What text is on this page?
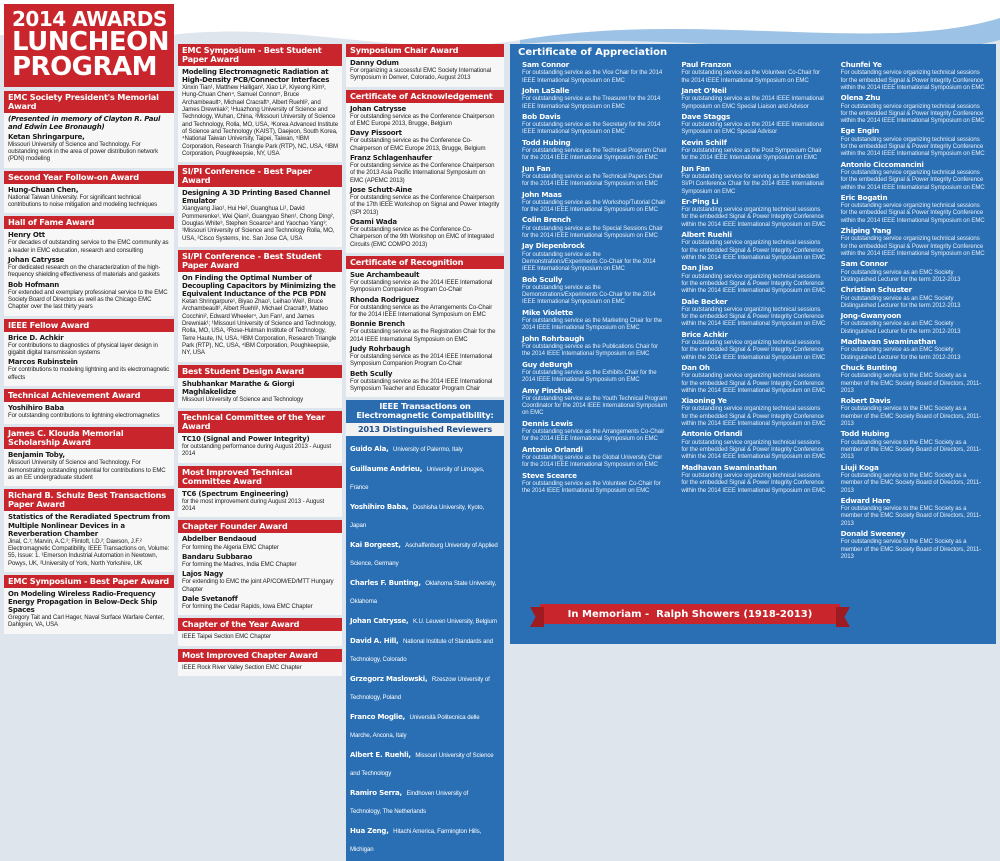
2014 AWARDS
LUNCHEON
PROGRAM
EMC Society President's Memorial Award
(Presented in memory of Clayton R. Paul and Edwin Lee Bronaugh)
Ketan Shringarpure,
Missouri University of Science and Technology. For outstanding work in the area of power distribution network (PDN) modeling
Second Year Follow-on Award
Hung-Chuan Chen,
National Taiwan University. For significant technical contributions to noise mitigation and modeling techniques
Hall of Fame Award
Henry Ott
For decades of outstanding service to the EMC community as a leader in EMC education, research and consulting
Johan Catrysse
For dedicated research on the characterization of the high-frequency shielding effectiveness of materials and gaskets
Bob Hofmann
For extended and exemplary professional service to the EMC Society Board of Directors as well as the Chicago EMC Chapter over the last thirty years
IEEE Fellow Award
Brice D. Achkir
For contributions to diagnostics of physical layer design in gigabit digital transmission systems
Marcos Rubinstein
For contributions to modeling lightning and its electromagnetic effects
Technical Achievement Award
Yoshihiro Baba
For outstanding contributions to lightning electromagnetics
James C. Klouda Memorial Scholarship Award
Benjamin Toby,
Missouri University of Science and Technology. For demonstrating outstanding potential for contributions to EMC as an EE undergraduate student
Richard B. Schulz Best Transactions Paper Award
Statistics of the Reradiated Spectrum from Multiple Nonlinear Devices in a Reverberation Chamber
Jinal, C.¹; Marvin, A.C.²; Flintoft, I.D.²; Dawson, J.F.² Electromagnetic Compatibility, IEEE Transactions on, Volume: 55, Issue: 1. ¹Emerson Industrial Automation in Newtown, Powys, UK, ²University of York, North Yorkshire, UK
EMC Symposium - Best Paper Award
On Modeling Wireless Radio-Frequency Energy Propagation in Below-Deck Ship Spaces
Gregory Tait and Carl Hager, Naval Surface Warfare Center, Dahlgren, VA, USA
EMC Symposium - Best Student Paper Award
Modeling Electromagnetic Radiation at High-Density PCB/Connector Interfaces
Xinxin Tian¹, Matthew Halligan², Xiao Li², Kiyeong Kim³, Hung-Chuan Chen⁴, Samuel Connor⁵, Bruce Archambeault⁵, Michael Cracraft⁵, Albert Ruehli², and James Drewniak²; ¹Huazhong University of Science and Technology, Wuhan, China, ²Missouri University of Science and Technology, Rolla, MO, USA, ³Korea Advanced Institute of Science and Technology (KAIST), Daejeon, South Korea, ⁴National Taiwan University, Taipei, Taiwan, ⁵IBM Corporation, Research Triangle Park (RTP), NC, USA, ⁶IBM Corporation, Poughkeepsie, NY, USA
SI/PI Conference - Best Paper Award
Designing A 3D Printing Based Channel Emulator
Xiangyang Jiao¹, Hui He², Guanghua Li¹, David Pommerenke¹, Wei Qian², Guangyao Shen¹, Chong Ding², Douglas White³, Stephen Scearce³ and Yaochao Yang³; ¹Missouri University of Science and Technology Rolla, MO, USA, ²Cisco Systems, Inc. San Jose CA, USA
SI/PI Conference - Best Student Paper Award
On Finding the Optimal Number of Decoupling Capacitors by Minimizing the Equivalent Inductance of the PCB PDN
Ketan Shringarpure¹, Biyao Zhao¹, Leihao Wei¹, Bruce Archambeault², Albert Ruehli¹, Michael Cracraft³, Matteo Cocchini², Edward Wheeler⁴, Jun Fan¹, and James Drewniak¹; ¹Missouri University of Science and Technology, Rolla, MO, USA, ²Rose-Hulman Institute of Technology, Terre Haute, IN, USA, ³IBM Corporation, Research Triangle Park (RTP), NC, USA, ⁴IBM Corporation, Poughkeepsie, NY, USA
Best Student Design Award
Shubhankar Marathe & Giorgi Maghlakelidze
Missouri University of Science and Technology
Technical Committee of the Year Award
TC10 (Signal and Power Integrity)
for outstanding performance during August 2013 - August 2014
Most Improved Technical Committee Award
TC6 (Spectrum Engineering)
for the most improvement during August 2013 - August 2014
Chapter Founder Award
Abdelber Bendaoud
For forming the Algeria EMC Chapter
Bandaru Subbarao
For forming the Madres, India EMC Chapter
Lajos Nagy
For extending to EMC the joint AP/COM/ED/MTT Hungary Chapter
Dale Svetanoff
For forming the Cedar Rapids, Iowa EMC Chapter
Chapter of the Year Award
IEEE Taipei Section EMC Chapter
Most Improved Chapter Award
IEEE Rock River Valley Section EMC Chapter
Symposium Chair Award
Danny Odum
For organizing a successful EMC Society International Symposium in Denver, Colorado, August 2013
Certificate of Acknowledgement
Johan Catrysse
For outstanding service as the Conference Chairperson of EMC Europe 2013, Brugge, Belgium
Davy Pissoort
For outstanding service as the Conference Co-Chairperson of EMC Europe 2013, Brugge, Belgium
Franz Schlagenhaufer
For outstanding service as the Conference Chairperson of the 2013 Asia Pacific International Symposium on EMC (APEMC 2013)
Jose Schutt-Aine
For outstanding service as the Conference Chairperson of the 17th IEEE Workshop on Signal and Power Integrity (SPI 2013)
Osami Wada
For outstanding service as the Conference Co-Chairperson of the 9th Workshop on EMC of Integrated Circuits (EMC COMPO 2013)
Certificate of Recognition
Sue Archambeault
For outstanding service as the 2014 IEEE International Symposium Companion Program Co-Chair
Rhonda Rodriguez
For outstanding service as the Arrangements Co-Chair for the 2014 IEEE International Symposium on EMC
Bonnie Brench
For outstanding service as the Registration Chair for the 2014 IEEE International Symposium on EMC
Judy Rohrbaugh
For outstanding service as the 2014 IEEE International Symposium Companion Program Co-Chair
Beth Scully
For outstanding service as the 2014 IEEE International Symposium Teacher and Educator Program Chair
IEEE Transactions on Electromagnetic Compatibility:
2013 Distinguished Reviewers
Guido Ala, University of Palermo, Italy
Guillaume Andrieu, University of Limoges, France
Yoshihiro Baba, Doshisha University, Kyoto, Japan
Kai Borgeest, Aschaffenburg University of Applied Science, Germany
Charles F. Bunting, Oklahoma State University, Oklahoma
Johan Catrysse, K.U. Leuven University, Belgium
David A. Hill, National Institute of Standards and Technology, Colorado
Grzegorz Maslowski, Rzeszow University of Technology, Poland
Franco Moglie, Università Politecnica delle Marche, Ancona, Italy
Albert E. Ruehli, Missouri University of Science and Technology
Ramiro Serra, Eindhoven University of Technology, The Netherlands
Hua Zeng, Hitachi America, Farmington Hills, Michigan
Certificate of Appreciation
Sam Connor
For outstanding service as the Vice Chair for the 2014 IEEE International Symposium on EMC
John LaSalle
For outstanding service as the Treasurer for the 2014 IEEE International Symposium on EMC
Bob Davis
For outstanding service as the Secretary for the 2014 IEEE International Symposium on EMC
Todd Hubing
For outstanding service as the Technical Program Chair for the 2014 IEEE International Symposium on EMC
Jun Fan
For outstanding service as the Technical Papers Chair for the 2014 IEEE International Symposium on EMC
John Maas
For outstanding service as the Workshop/Tutorial Chair for the 2014 IEEE International Symposium on EMC
Colin Brench
For outstanding service as the Special Sessions Chair for the 2014 IEEE International Symposium on EMC
Jay Diepenbrock
For outstanding service as the Demonstrations/Experiments Co-Chair for the 2014 IEEE International Symposium on EMC
Bob Scully
For outstanding service as the Demonstrations/Experiments Co-Chair for the 2014 IEEE International Symposium on EMC
Mike Violette
For outstanding service as the Marketing Chair for the 2014 IEEE International Symposium on EMC
John Rohrbaugh
For outstanding service as the Publications Chair for the 2014 IEEE International Symposium on EMC
Guy deBurgh
For outstanding service as the Exhibits Chair for the 2014 IEEE International Symposium on EMC
Amy Pinchuk
For outstanding service as the Youth Technical Program Coordinator for the 2014 IEEE International Symposium on EMC
Dennis Lewis
For outstanding service as the Arrangements Co-Chair for the 2014 IEEE International Symposium on EMC
Antonio Orlandi
For outstanding service as the Global University Chair for the 2014 IEEE International Symposium on EMC
Steve Scearce
For outstanding service as the Volunteer Co-Chair for the 2014 IEEE International Symposium on EMC
Paul Franzon
For outstanding service as the Volunteer Co-Chair for the 2014 IEEE International Symposium on EMC
Janet O'Neil
For outstanding service as the 2014 IEEE International Symposium on EMC Special Liaison and Advisor
Dave Staggs
For outstanding service as the 2014 IEEE International Symposium on EMC Special Advisor
Kevin Schilf
For outstanding service as the Post Symposium Chair for the 2014 IEEE International Symposium on EMC
Jun Fan
For outstanding service for serving as the embedded SI/PI Conference Chair for the 2014 IEEE International Symposium on EMC
Er-Ping Li
For outstanding service organizing technical sessions for the embedded Signal & Power Integrity Conference within the 2014 IEEE International Symposium on EMC
Albert Ruehli
For outstanding service organizing technical sessions for the embedded Signal & Power Integrity Conference within the 2014 IEEE International Symposium on EMC
Dan Jiao
For outstanding service organizing technical sessions for the embedded Signal & Power Integrity Conference within the 2014 IEEE International Symposium on EMC
Dale Becker
For outstanding service organizing technical sessions for the embedded Signal & Power Integrity Conference within the 2014 IEEE International Symposium on EMC
Brice Achkir
For outstanding service organizing technical sessions for the embedded Signal & Power Integrity Conference within the 2014 IEEE International Symposium on EMC
Dan Oh
For outstanding service organizing technical sessions for the embedded Signal & Power Integrity Conference within the 2014 IEEE International Symposium on EMC
Xiaoning Ye
For outstanding service organizing technical sessions for the embedded Signal & Power Integrity Conference within the 2014 IEEE International Symposium on EMC
Antonio Orlandi
For outstanding service organizing technical sessions for the embedded Signal & Power Integrity Conference within the 2014 IEEE International Symposium on EMC
Madhavan Swaminathan
For outstanding service organizing technical sessions for the embedded Signal & Power Integrity Conference within the 2014 IEEE International Symposium on EMC
Chunfei Ye
For outstanding service organizing technical sessions for the embedded Signal & Power Integrity Conference within the 2014 IEEE International Symposium on EMC
Olena Zhu
For outstanding service organizing technical sessions for the embedded Signal & Power Integrity Conference within the 2014 IEEE International Symposium on EMC
Ege Engin
For outstanding service organizing technical sessions for the embedded Signal & Power Integrity Conference within the 2014 IEEE International Symposium on EMC
Antonio Ciccomancini
For outstanding service organizing technical sessions for the embedded Signal & Power Integrity Conference within the 2014 IEEE International Symposium on EMC
Eric Bogatin
For outstanding service organizing technical sessions for the embedded Signal & Power Integrity Conference within the 2014 IEEE International Symposium on EMC
Zhiping Yang
For outstanding service organizing technical sessions for the embedded Signal & Power Integrity Conference within the 2014 IEEE International Symposium on EMC
Sam Connor
For outstanding service as an EMC Society Distinguished Lecturer for the term 2012-2013
Christian Schuster
For outstanding service as an EMC Society Distinguished Lecturer for the term 2012-2013
Jong-Gwanyoon
For outstanding service as an EMC Society Distinguished Lecturer for the term 2012-2013
Madhavan Swaminathan
For outstanding service as an EMC Society Distinguished Lecturer for the term 2012-2013
Chuck Bunting
For outstanding service to the EMC Society as a member of the EMC Society Board of Directors, 2011-2013
Robert Davis
For outstanding service to the EMC Society as a member of the EMC Society Board of Directors, 2011-2013
Todd Hubing
For outstanding service to the EMC Society as a member of the EMC Society Board of Directors, 2011-2013
Liuji Koga
For outstanding service to the EMC Society as a member of the EMC Society Board of Directors, 2011-2013
Edward Hare
For outstanding service to the EMC Society as a member of the EMC Society Board of Directors, 2011-2013
Donald Sweeney
For outstanding service to the EMC Society as a member of the EMC Society Board of Directors, 2011-2013
In Memoriam -
Ralph Showers (1918-2013)
